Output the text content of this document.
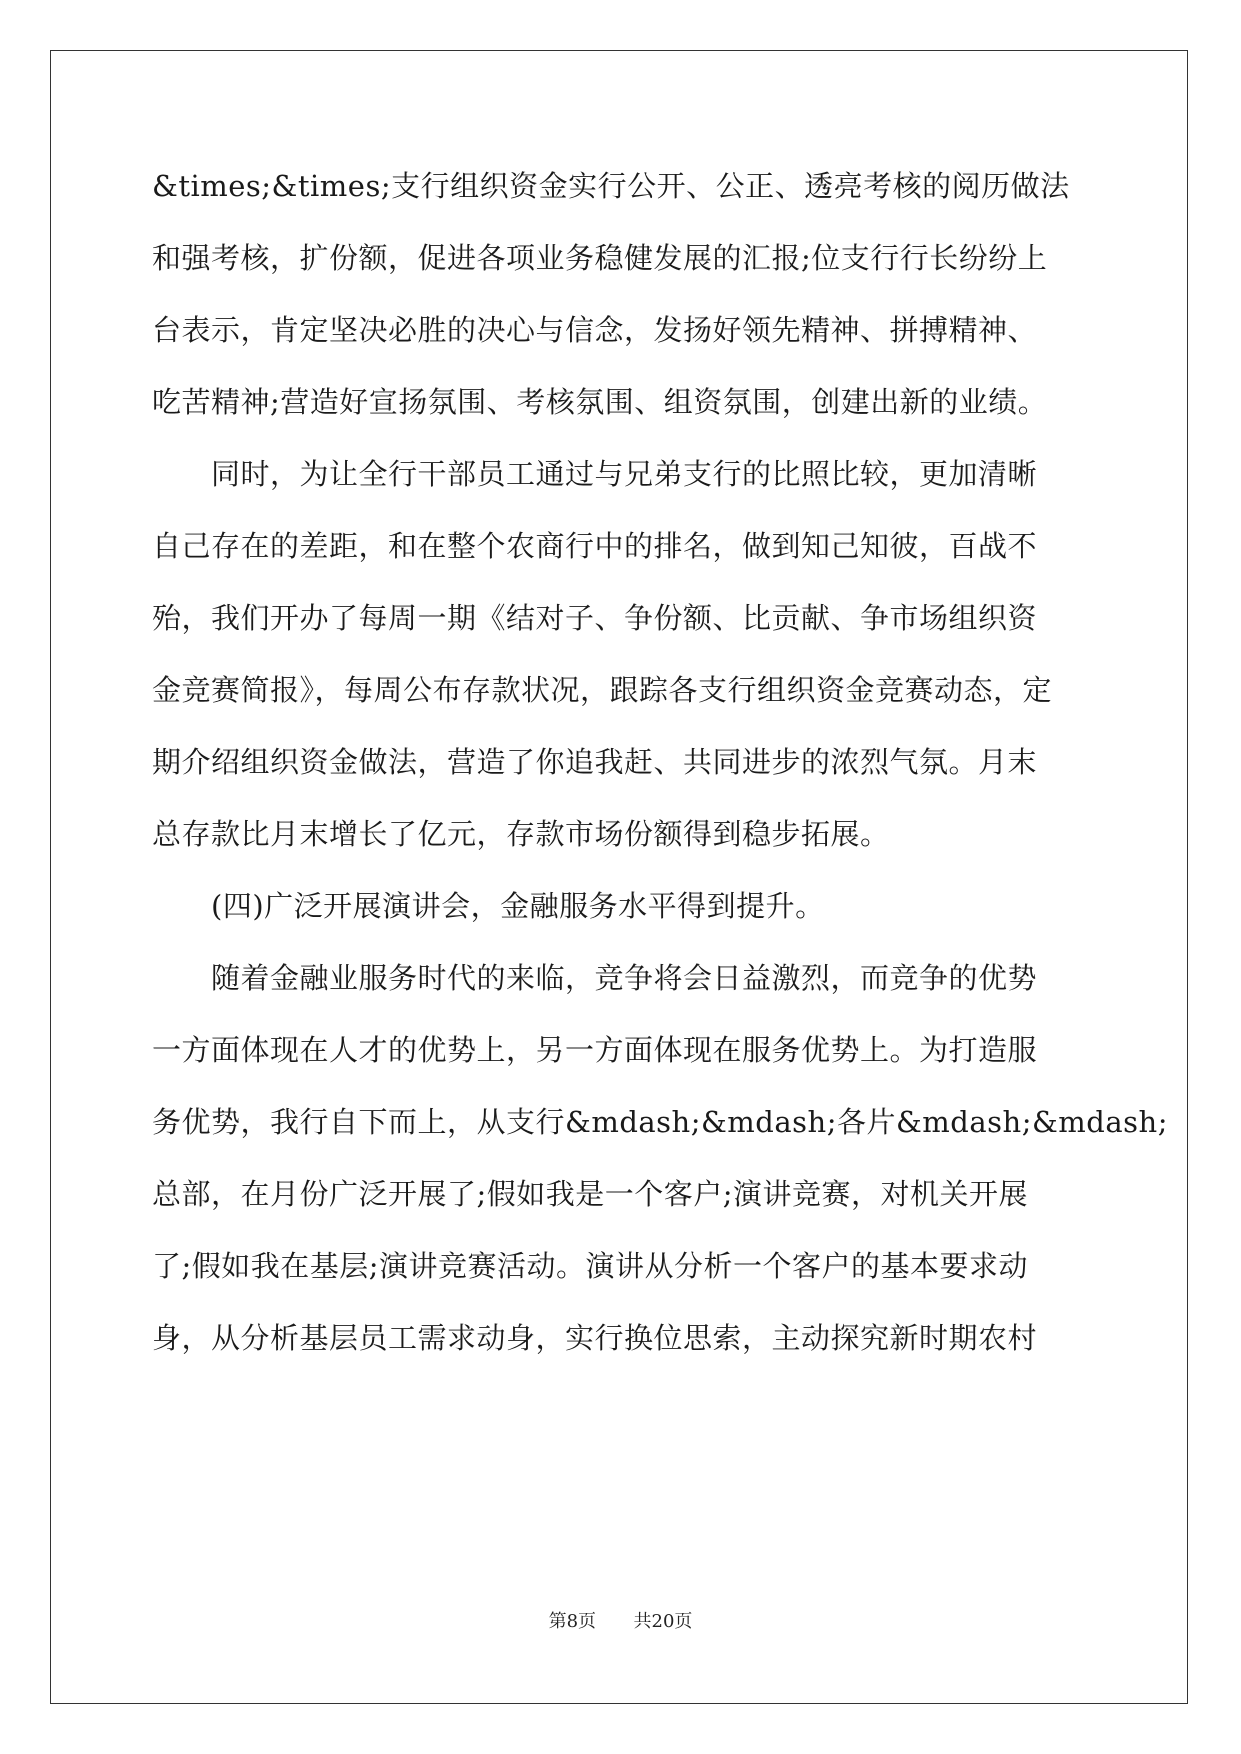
&times;&times;支行组织资金实行公开、公正、透亮考核的阅历做法
和强考核，扩份额，促进各项业务稳健发展的汇报;位支行行长纷纷上
台表示，肯定坚决必胜的决心与信念，发扬好领先精神、拼搏精神、
吃苦精神;营造好宣扬氛围、考核氛围、组资氛围，创建出新的业绩。
　　同时，为让全行干部员工通过与兄弟支行的比照比较，更加清晰
自己存在的差距，和在整个农商行中的排名，做到知己知彼，百战不
殆，我们开办了每周一期《结对子、争份额、比贡献、争市场组织资
金竞赛简报》，每周公布存款状况，跟踪各支行组织资金竞赛动态，定
期介绍组织资金做法，营造了你追我赶、共同进步的浓烈气氛。月末
总存款比月末增长了亿元，存款市场份额得到稳步拓展。
　　(四)广泛开展演讲会，金融服务水平得到提升。
　　随着金融业服务时代的来临，竞争将会日益激烈，而竞争的优势
一方面体现在人才的优势上，另一方面体现在服务优势上。为打造服
务优势，我行自下而上，从支行&mdash;&mdash;各片&mdash;&mdash;
总部，在月份广泛开展了;假如我是一个客户;演讲竞赛，对机关开展
了;假如我在基层;演讲竞赛活动。演讲从分析一个客户的基本要求动
身，从分析基层员工需求动身，实行换位思索，主动探究新时期农村
第8页 　 共20页
